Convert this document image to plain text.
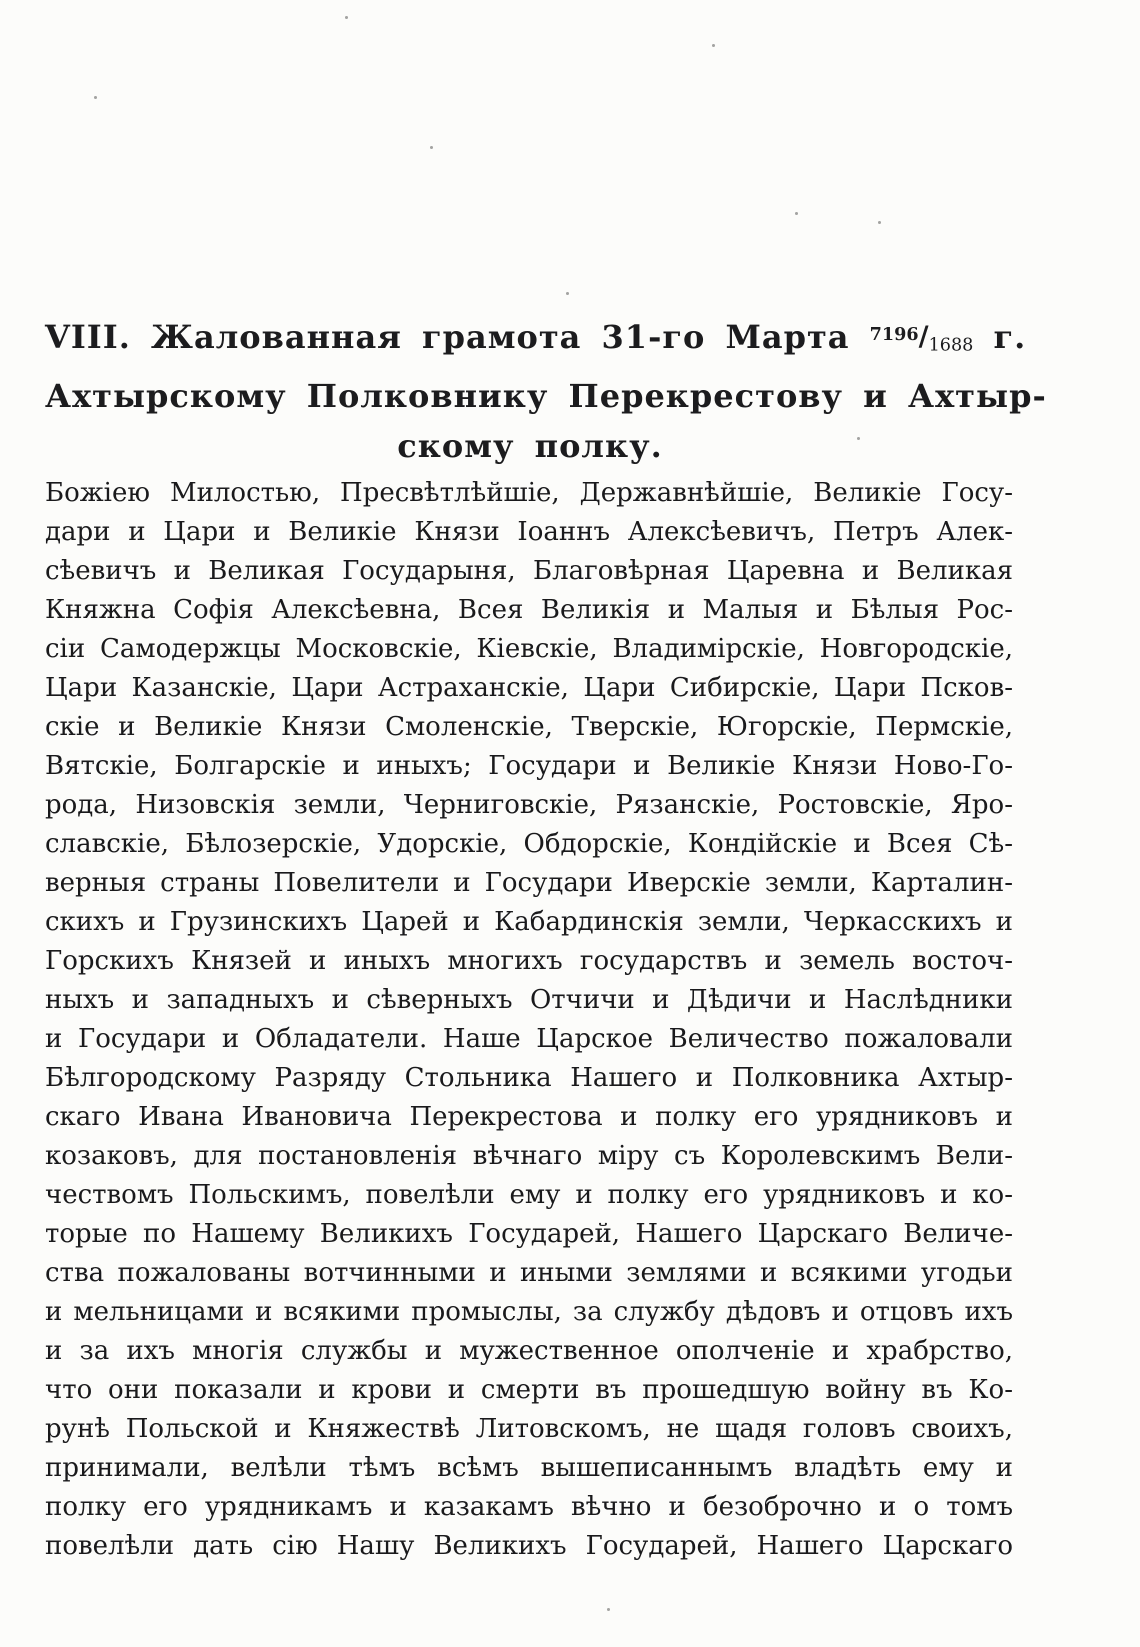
VIII. Жалованная грамота 31-го Марта $^{7196}$/1688 г.
Ахтырскому Полковнику Перекрестову и Ахтыр-
скому полку.
Божіею Милостью, Пресвѣтлѣйшіе, Державнѣйшіе, Великіе Госу-
дари и Цари и Великіе Князи Іоаннъ Алексѣевичъ, Петръ Алек-
сѣевичъ и Великая Государыня, Благовѣрная Царевна и Великая
Княжна Софія Алексѣевна, Всея Великія и Малыя и Бѣлыя Рос-
сіи Самодержцы Московскіе, Кіевскіе, Владимірскіе, Новгородскіе,
Цари Казанскіе, Цари Астраханскіе, Цари Сибирскіе, Цари Псков-
скіе и Великіе Князи Смоленскіе, Тверскіе, Югорскіе, Пермскіе,
Вятскіе, Болгарскіе и иныхъ; Государи и Великіе Князи Ново-Го-
рода, Низовскія земли, Черниговскіе, Рязанскіе, Ростовскіе, Яро-
славскіе, Бѣлозерскіе, Удорскіе, Обдорскіе, Кондійскіе и Всея Сѣ-
верныя страны Повелители и Государи Иверскіе земли, Карталин-
скихъ и Грузинскихъ Царей и Кабардинскія земли, Черкасскихъ и
Горскихъ Князей и иныхъ многихъ государствъ и земель восточ-
ныхъ и западныхъ и сѣверныхъ Отчичи и Дѣдичи и Наслѣдники
и Государи и Обладатели. Наше Царское Величество пожаловали
Бѣлгородскому Разряду Стольника Нашего и Полковника Ахтыр-
скаго Ивана Ивановича Перекрестова и полку его урядниковъ и
козаковъ, для постановленія вѣчнаго міру съ Королевскимъ Вели-
чествомъ Польскимъ, повелѣли ему и полку его урядниковъ и ко-
торые по Нашему Великихъ Государей, Нашего Царскаго Величе-
ства пожалованы вотчинными и иными землями и всякими угодьи
и мельницами и всякими промыслы, за службу дѣдовъ и отцовъ ихъ
и за ихъ многія службы и мужественное ополченіе и храбрство,
что они показали и крови и смерти въ прошедшую войну въ Ко-
рунѣ Польской и Княжествѣ Литовскомъ, не щадя головъ своихъ,
принимали, велѣли тѣмъ всѣмъ вышеписаннымъ владѣть ему и
полку его урядникамъ и казакамъ вѣчно и безоброчно и о томъ
повелѣли дать сію Нашу Великихъ Государей, Нашего Царскаго
